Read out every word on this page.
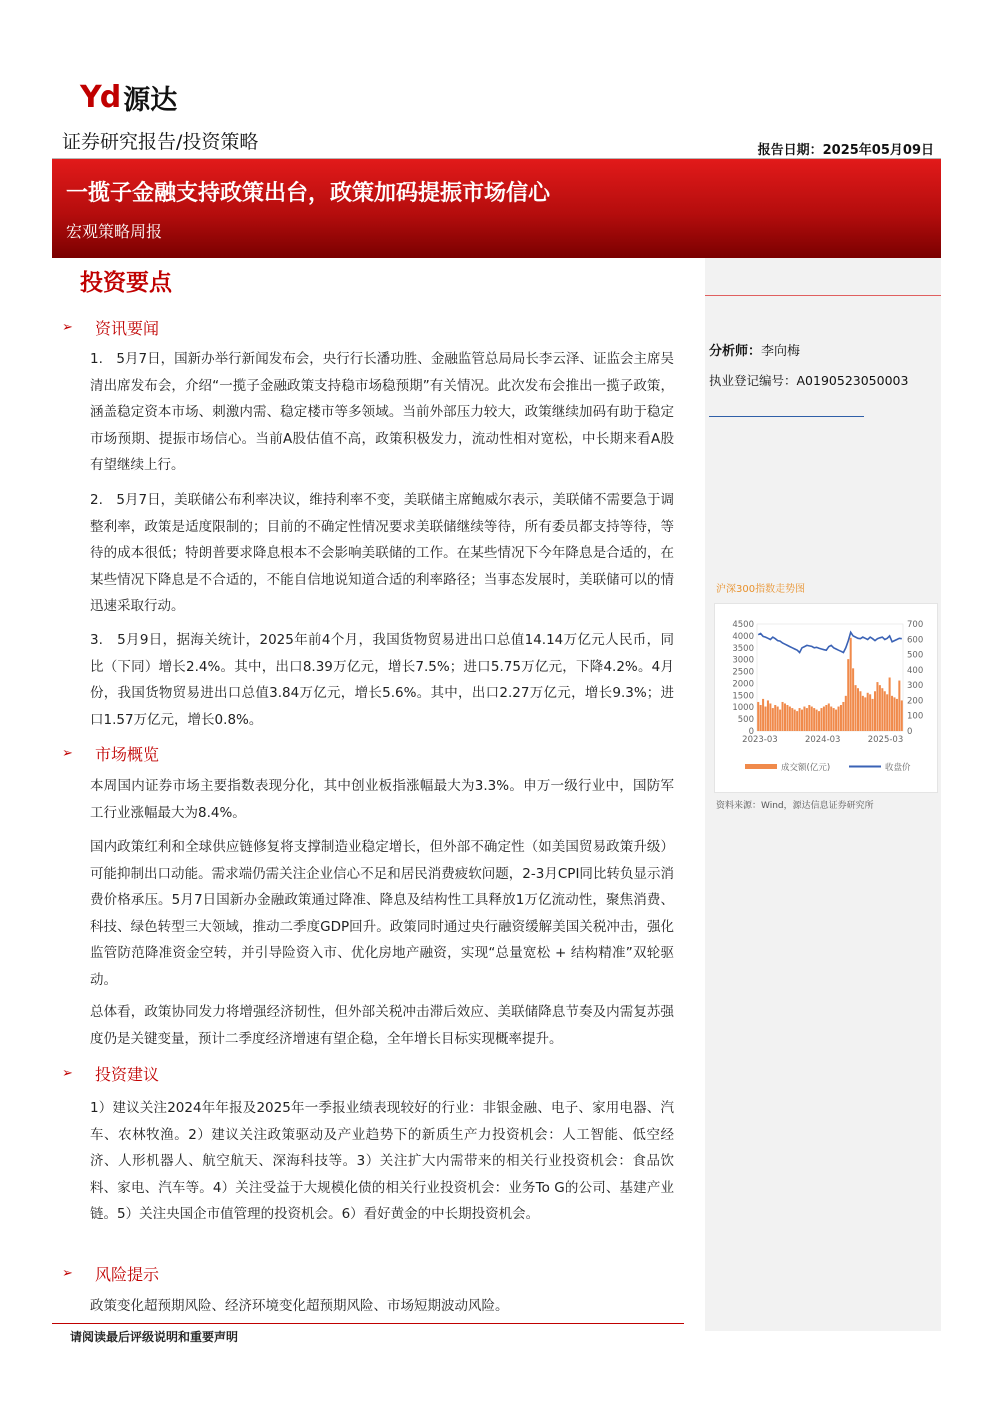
Yd 源达
证券研究报告/投资策略	报告日期：2025年05月09日
一揽子金融支持政策出台，政策加码提振市场信心
宏观策略周报
分析师：李向梅
执业登记编号：A0190523050003
沪深300指数走势图
0
500
1000
1500
2000
2500
3000
3500
4000
4500
0
100
200
300
400
500
600
700
2023-03	2024-03	2025-03
成交额(亿元)	收盘价
资料来源：Wind，源达信息证券研究所
投资要点
➢	资讯要闻
1.　5月7日，国新办举行新闻发布会，央行行长潘功胜、金融监管总局局长李云泽、证监会主席吴清出席发布会，介绍“一揽子金融政策支持稳市场稳预期”有关情况。此次发布会推出一揽子政策，涵盖稳定资本市场、刺激内需、稳定楼市等多领域。当前外部压力较大，政策继续加码有助于稳定市场预期、提振市场信心。当前A股估值不高，政策积极发力，流动性相对宽松，中长期来看A股有望继续上行。
2.　5月7日，美联储公布利率决议，维持利率不变，美联储主席鲍威尔表示，美联储不需要急于调整利率，政策是适度限制的；目前的不确定性情况要求美联储继续等待，所有委员都支持等待，等待的成本很低；特朗普要求降息根本不会影响美联储的工作。在某些情况下今年降息是合适的，在某些情况下降息是不合适的，不能自信地说知道合适的利率路径；当事态发展时，美联储可以的情迅速采取行动。
3.　5月9日，据海关统计，2025年前4个月，我国货物贸易进出口总值14.14万亿元人民币，同比（下同）增长2.4%。其中，出口8.39万亿元，增长7.5%；进口5.75万亿元，下降4.2%。4月份，我国货物贸易进出口总值3.84万亿元，增长5.6%。其中，出口2.27万亿元，增长9.3%；进口1.57万亿元，增长0.8%。
➢	市场概览
本周国内证券市场主要指数表现分化，其中创业板指涨幅最大为3.3%。申万一级行业中，国防军工行业涨幅最大为8.4%。
国内政策红利和全球供应链修复将支撑制造业稳定增长，但外部不确定性（如美国贸易政策升级）可能抑制出口动能。需求端仍需关注企业信心不足和居民消费疲软问题，2-3月CPI同比转负显示消费价格承压。5月7日国新办金融政策通过降准、降息及结构性工具释放1万亿流动性，聚焦消费、科技、绿色转型三大领域，推动二季度GDP回升。政策同时通过央行融资缓解美国关税冲击，强化监管防范降准资金空转，并引导险资入市、优化房地产融资，实现“总量宽松 + 结构精准”双轮驱动。
总体看，政策协同发力将增强经济韧性，但外部关税冲击滞后效应、美联储降息节奏及内需复苏强度仍是关键变量，预计二季度经济增速有望企稳，全年增长目标实现概率提升。
➢	投资建议
1）建议关注2024年年报及2025年一季报业绩表现较好的行业：非银金融、电子、家用电器、汽车、农林牧渔。2）建议关注政策驱动及产业趋势下的新质生产力投资机会：人工智能、低空经济、人形机器人、航空航天、深海科技等。3）关注扩大内需带来的相关行业投资机会：食品饮料、家电、汽车等。4）关注受益于大规模化债的相关行业投资机会：业务To G的公司、基建产业链。5）关注央国企市值管理的投资机会。6）看好黄金的中长期投资机会。
➢	风险提示
政策变化超预期风险、经济环境变化超预期风险、市场短期波动风险。
请阅读最后评级说明和重要声明
